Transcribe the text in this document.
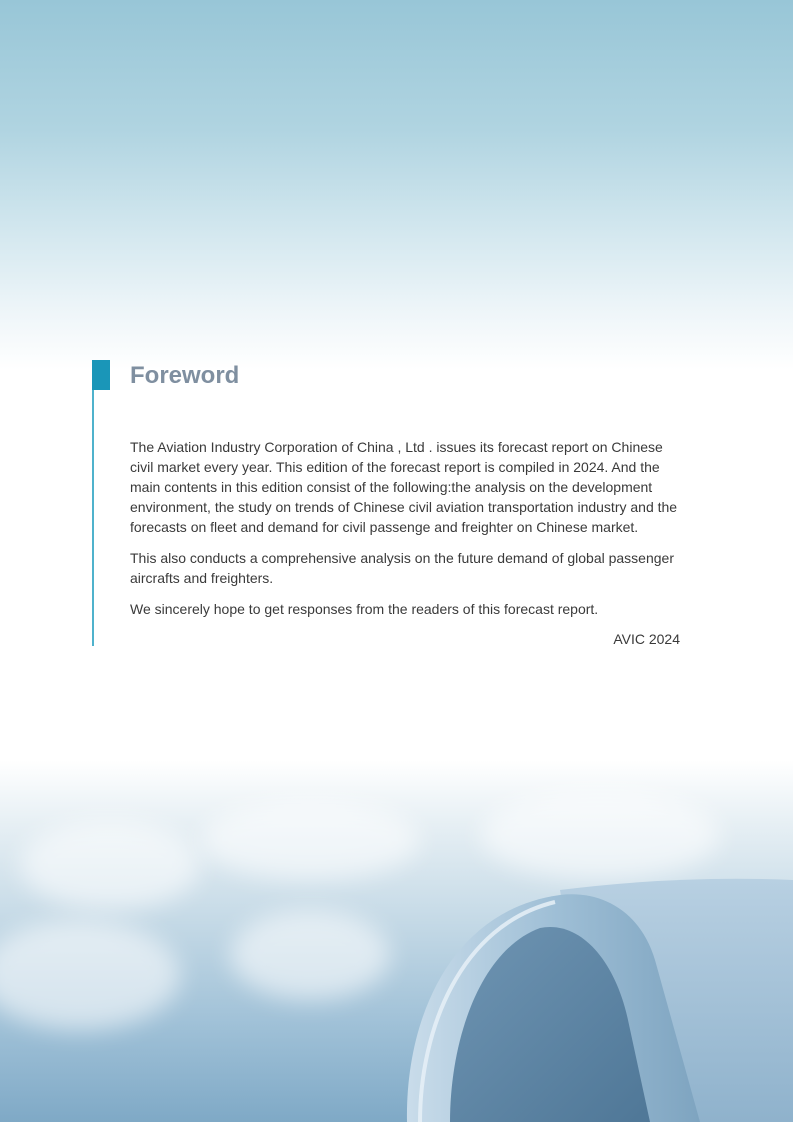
Foreword

The Aviation Industry Corporation of China , Ltd . issues its forecast report on Chinese civil market every year. This edition of the forecast report is compiled in 2024. And the main contents in this edition consist of the following:the analysis on the development environment, the study on trends of Chinese civil aviation transportation industry and the forecasts on fleet and demand for civil passenge and freighter on Chinese market.

This also conducts a comprehensive analysis on the future demand of global passenger aircrafts and freighters.

We sincerely hope to get responses from the readers of this forecast report.

AVIC 2024
